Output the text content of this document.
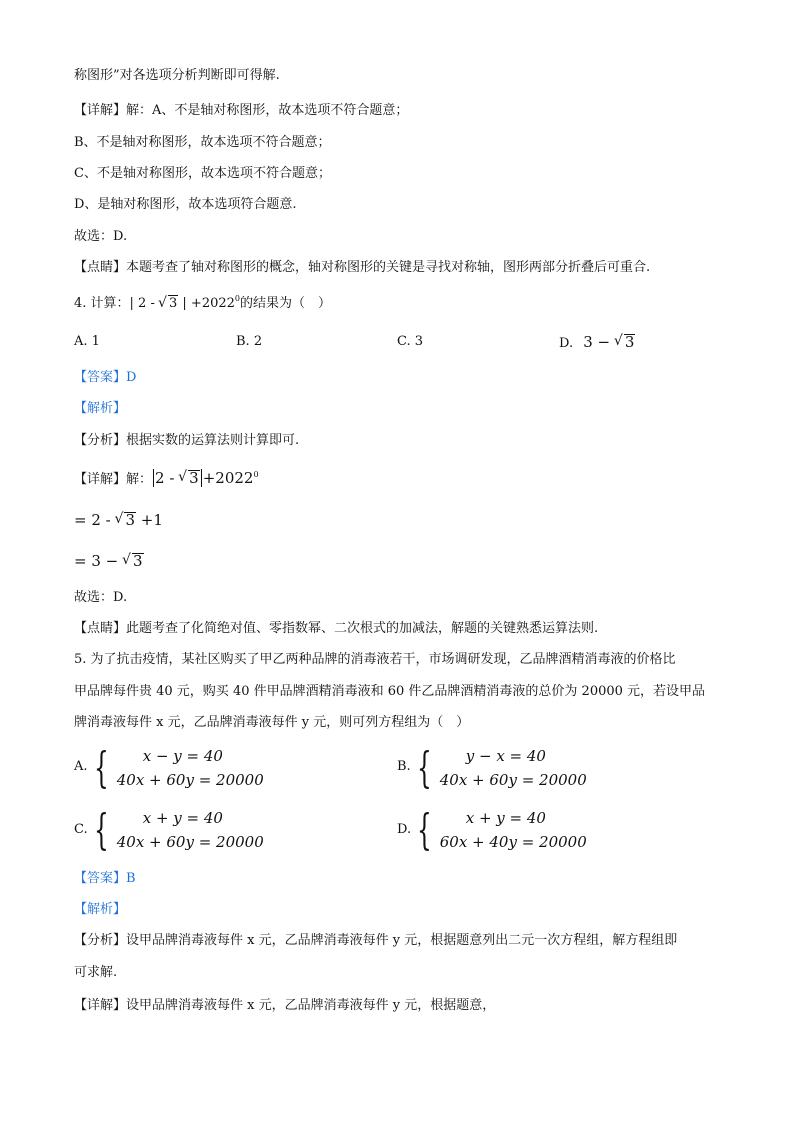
称图形”对各选项分析判断即可得解.
【详解】解：A、不是轴对称图形，故本选项不符合题意；
B、不是轴对称图形，故本选项不符合题意；
C、不是轴对称图形，故本选项不符合题意；
D、是轴对称图形，故本选项符合题意.
故选：D.
【点睛】本题考查了轴对称图形的概念，轴对称图形的关键是寻找对称轴，图形两部分折叠后可重合.
4. 计算：| 2 - √ 3 | $+2022^0$的结果为（　）
A. 1	B. 2	C. 3	D. 3 − √ 3
【答案】D
【解析】
【分析】根据实数的运算法则计算即可.
【详解】解： 2 - √ $3 +2022^0$
= 2 - √ 3 +1
= 3 − √ 3
故选：D.
【点睛】此题考查了化简绝对值、零指数幂、二次根式的加减法，解题的关键熟悉运算法则.
5. 为了抗击疫情，某社区购买了甲乙两种品牌的消毒液若干，市场调研发现，乙品牌酒精消毒液的价格比
甲品牌每件贵 40 元，购买 40 件甲品牌酒精消毒液和 60 件乙品牌酒精消毒液的总价为 20000 元，若设甲品
牌消毒液每件 x 元，乙品牌消毒液每件 y 元，则可列方程组为（　）
A. {	x − y = 40
40x + 60y = 20000
B. {	y − x = 40
40x + 60y = 20000
C. {	x + y = 40
40x + 60y = 20000
D. {	x + y = 40
60x + 40y = 20000
【答案】B
【解析】
【分析】设甲品牌消毒液每件 x 元，乙品牌消毒液每件 y 元，根据题意列出二元一次方程组，解方程组即
可求解.
【详解】设甲品牌消毒液每件 x 元，乙品牌消毒液每件 y 元，根据题意，
